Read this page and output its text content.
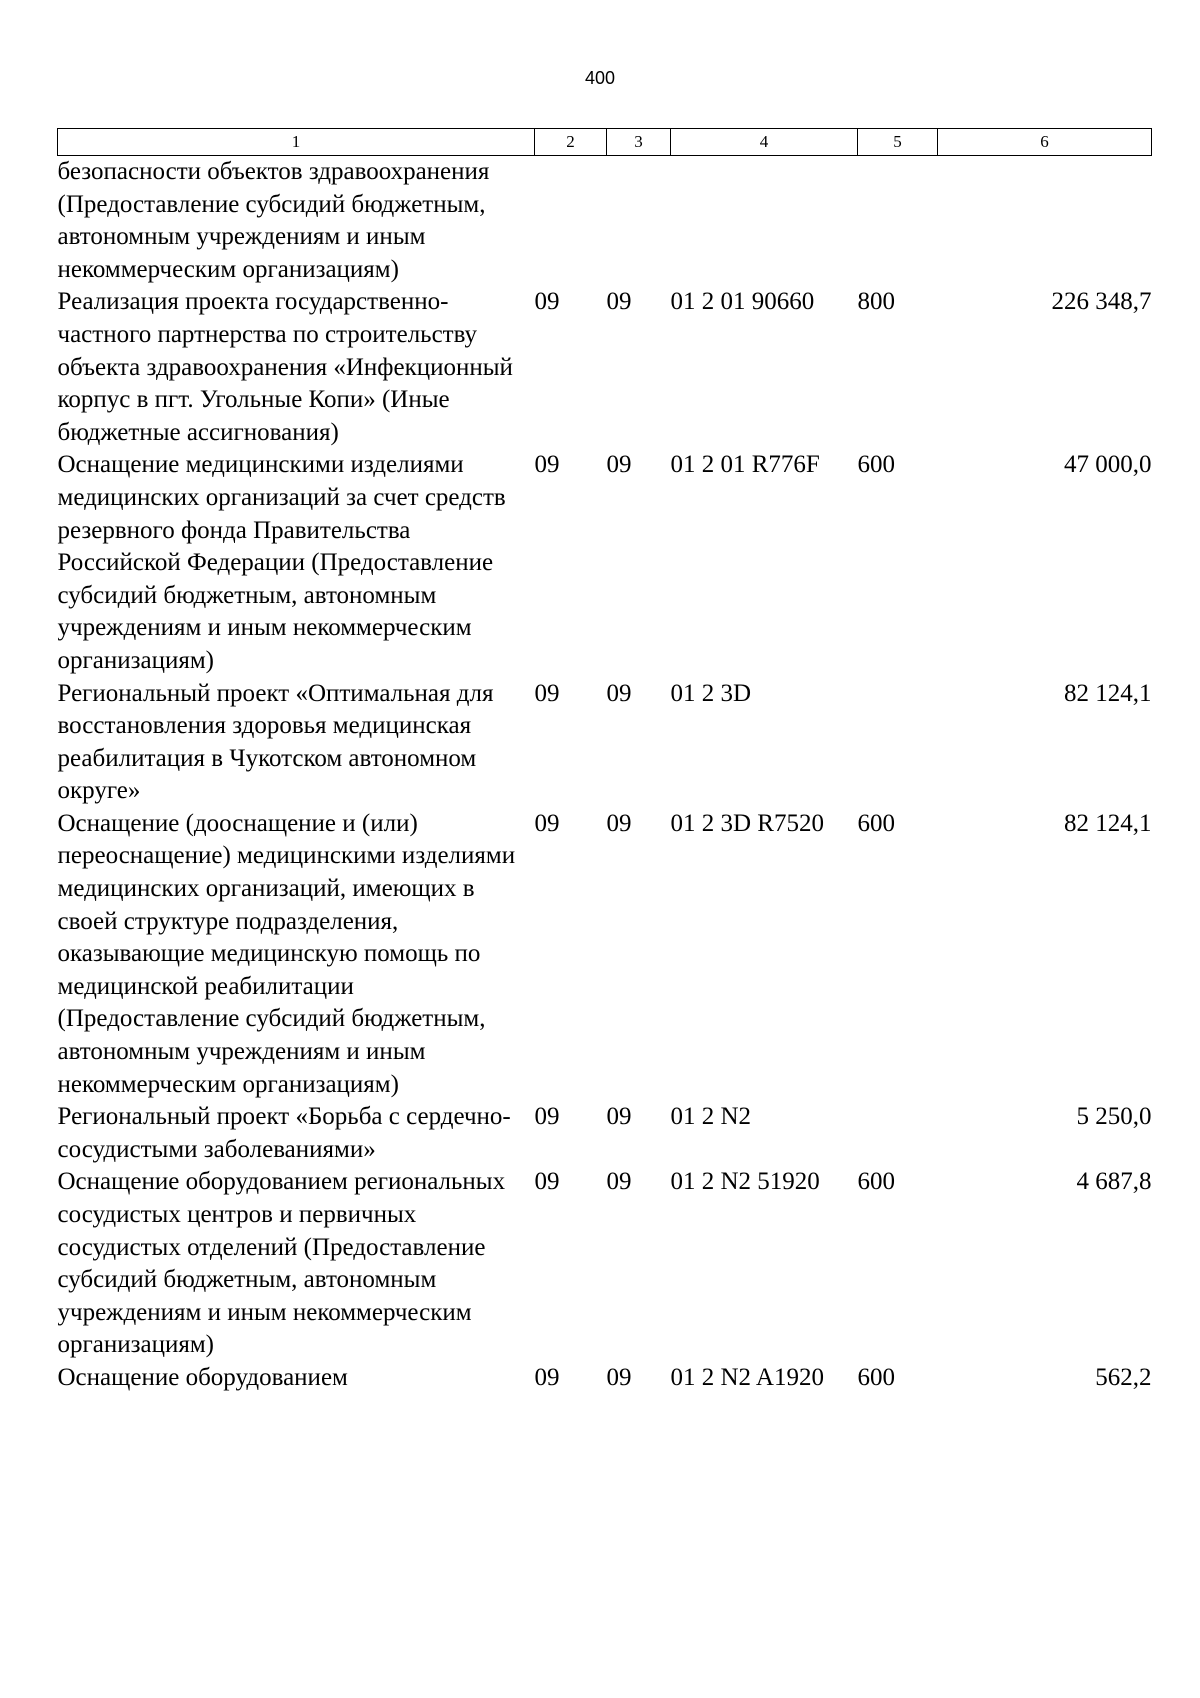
400
1	2	3	4	5	6
безопасности объектов здравоохранения (Предоставление субсидий бюджетным, автономным учреждениям и иным некоммерческим организациям)					
Реализация проекта государственно-частного партнерства по строительству объекта здравоохранения «Инфекционный корпус в пгт. Угольные Копи» (Иные бюджетные ассигнования)	09	09	01 2 01 90660	800	226 348,7
Оснащение медицинскими изделиями медицинских организаций за счет средств резервного фонда Правительства Российской Федерации (Предоставление субсидий бюджетным, автономным учреждениям и иным некоммерческим организациям)	09	09	01 2 01 R776F	600	47 000,0
Региональный проект «Оптимальная для восстановления здоровья медицинская реабилитация в Чукотском автономном округе»	09	09	01 2 3D		82 124,1
Оснащение (дооснащение и (или) переоснащение) медицинскими изделиями медицинских организаций, имеющих в своей структуре подразделения, оказывающие медицинскую помощь по медицинской реабилитации (Предоставление субсидий бюджетным, автономным учреждениям и иным некоммерческим организациям)	09	09	01 2 3D R7520	600	82 124,1
Региональный проект «Борьба с сердечно-сосудистыми заболеваниями»	09	09	01 2 N2		5 250,0
Оснащение оборудованием региональных сосудистых центров и первичных сосудистых отделений (Предоставление субсидий бюджетным, автономным учреждениям и иным некоммерческим организациям)	09	09	01 2 N2 51920	600	4 687,8
Оснащение оборудованием	09	09	01 2 N2 A1920	600	562,2
